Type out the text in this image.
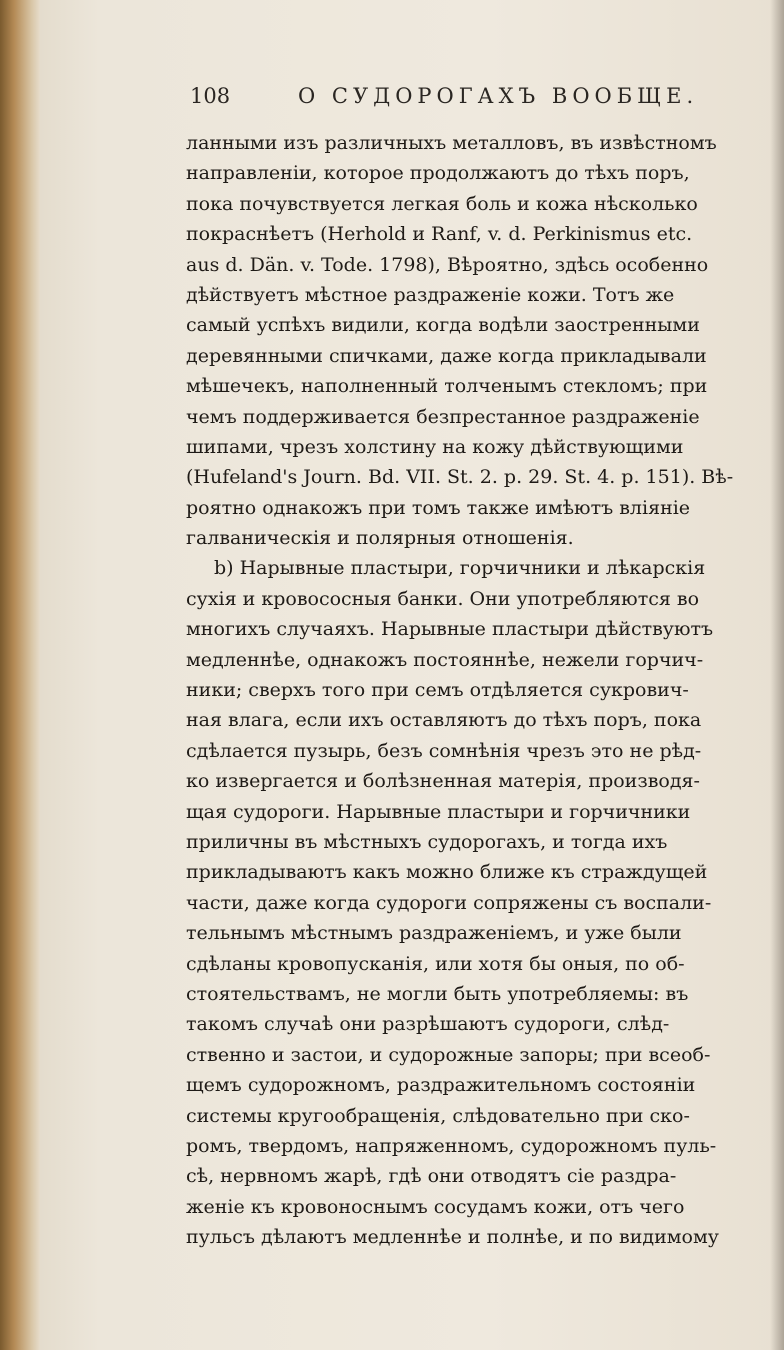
108	О СУДОРОГАХЪ ВООБЩЕ.
ланными изъ различныхъ металловъ, въ извѣстномъ
направленіи, которое продолжаютъ до тѣхъ поръ,
пока почувствуется легкая боль и кожа нѣсколько
покраснѣетъ (Herhold и Ranf, v. d. Perkinismus etc.
aus d. Dän. v. Tode. 1798), Вѣроятно, здѣсь особенно
дѣйствуетъ мѣстное раздраженіе кожи. Тотъ же
самый успѣхъ видили, когда водѣли заостренными
деревянными спичками, даже когда прикладывали
мѣшечекъ, наполненный толченымъ стекломъ; при
чемъ поддерживается безпрестанное раздраженіе
шипами, чрезъ холстину на кожу дѣйствующими
(Hufeland's Journ. Bd. VII. St. 2. p. 29. St. 4. p. 151). Вѣ-
роятно однакожъ при томъ также имѣютъ вліяніе
галваническія и полярныя отношенія.
b) Нарывные пластыри, горчичники и лѣкарскія
сухія и кровососныя банки. Они употребляются во
многихъ случаяхъ. Нарывные пластыри дѣйствуютъ
медленнѣе, однакожъ постояннѣе, нежели горчич-
ники; сверхъ того при семъ отдѣляется сукрович-
ная влага, если ихъ оставляютъ до тѣхъ поръ, пока
сдѣлается пузырь, безъ сомнѣнія чрезъ это не рѣд-
ко извергается и болѣзненная матерія, производя-
щая судороги. Нарывные пластыри и горчичники
приличны въ мѣстныхъ судорогахъ, и тогда ихъ
прикладываютъ какъ можно ближе къ страждущей
части, даже когда судороги сопряжены съ воспали-
тельнымъ мѣстнымъ раздраженіемъ, и уже были
сдѣланы кровопусканія, или хотя бы оныя, по об-
стоятельствамъ, не могли быть употребляемы: въ
такомъ случаѣ они разрѣшаютъ судороги, слѣд-
ственно и застои, и судорожные запоры; при всеоб-
щемъ судорожномъ, раздражительномъ состояніи
системы кругообращенія, слѣдовательно при ско-
ромъ, твердомъ, напряженномъ, судорожномъ пуль-
сѣ, нервномъ жарѣ, гдѣ они отводятъ сіе раздра-
женіе къ кровоноснымъ сосудамъ кожи, отъ чего
пульсъ дѣлаютъ медленнѣе и полнѣе, и по видимому
